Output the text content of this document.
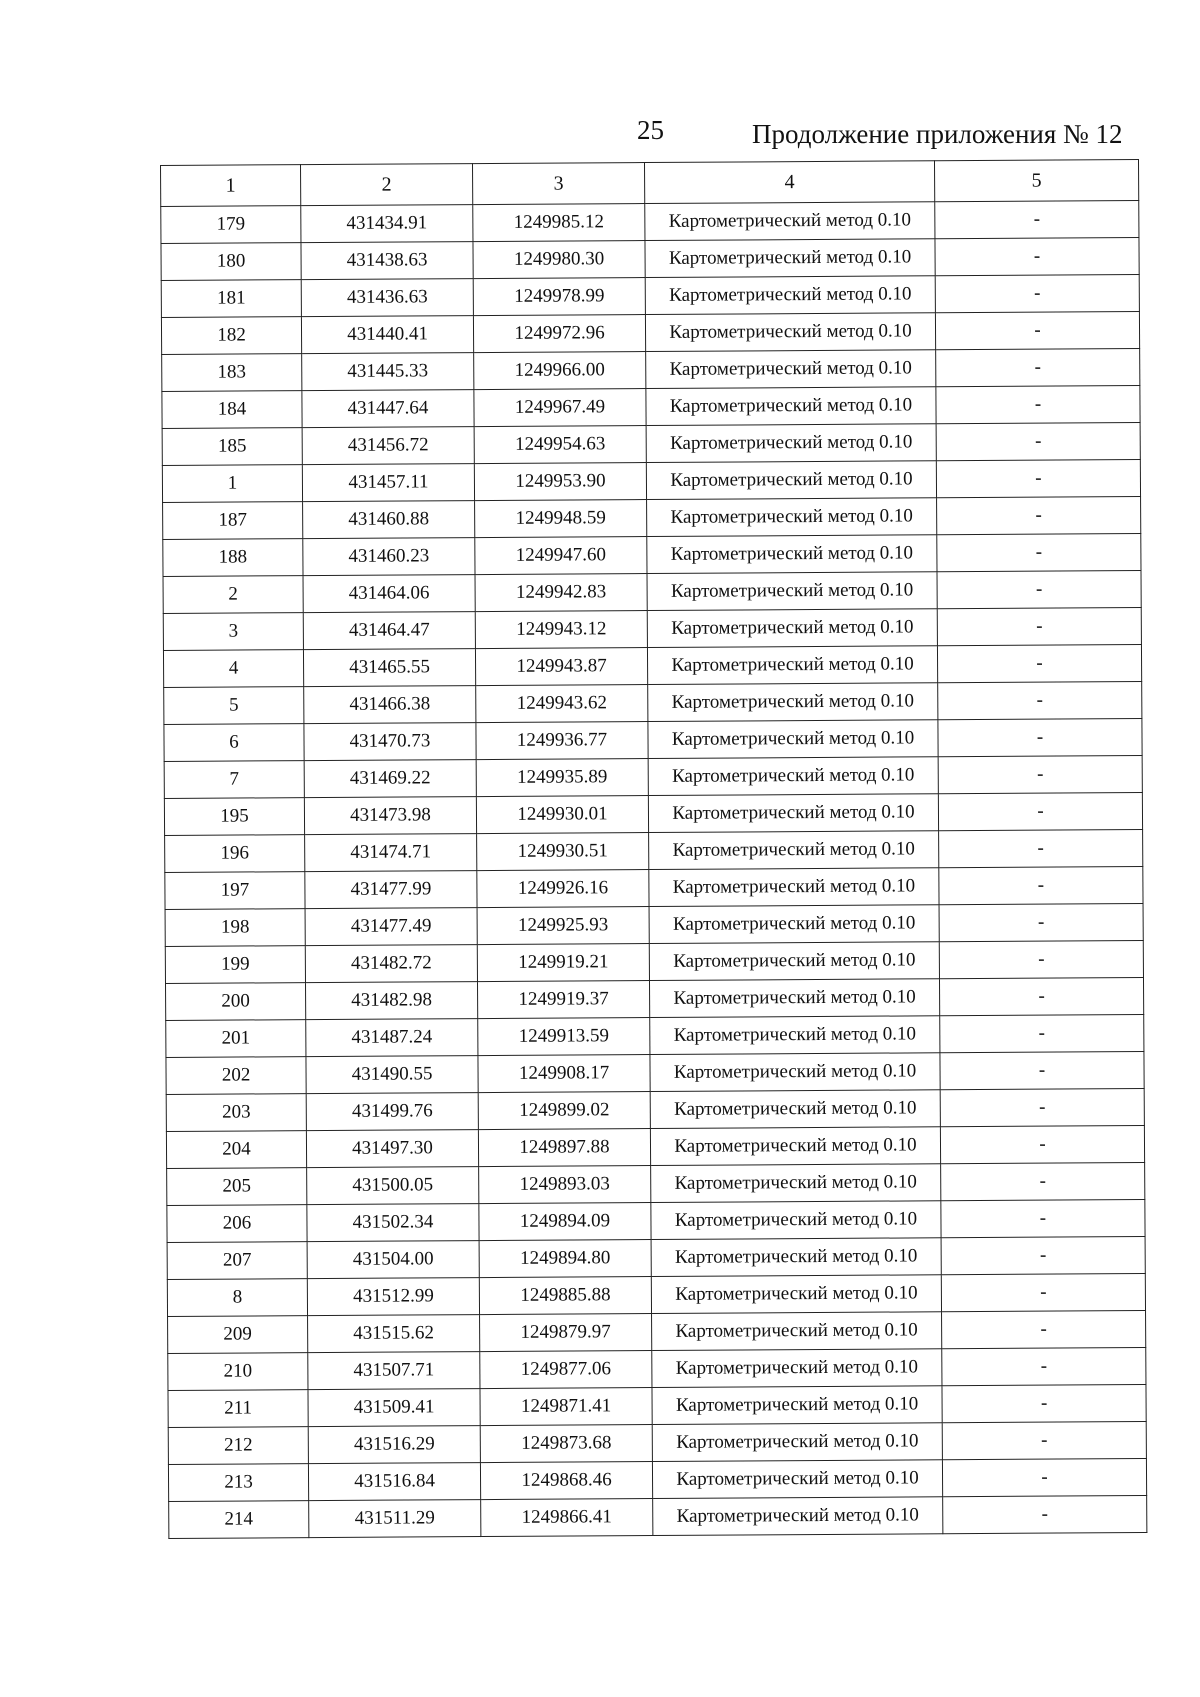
25	Продолжение приложения № 12
1	2	3	4	5
179	431434.91	1249985.12	Картометрический метод 0.10	-
180	431438.63	1249980.30	Картометрический метод 0.10	-
181	431436.63	1249978.99	Картометрический метод 0.10	-
182	431440.41	1249972.96	Картометрический метод 0.10	-
183	431445.33	1249966.00	Картометрический метод 0.10	-
184	431447.64	1249967.49	Картометрический метод 0.10	-
185	431456.72	1249954.63	Картометрический метод 0.10	-
1	431457.11	1249953.90	Картометрический метод 0.10	-
187	431460.88	1249948.59	Картометрический метод 0.10	-
188	431460.23	1249947.60	Картометрический метод 0.10	-
2	431464.06	1249942.83	Картометрический метод 0.10	-
3	431464.47	1249943.12	Картометрический метод 0.10	-
4	431465.55	1249943.87	Картометрический метод 0.10	-
5	431466.38	1249943.62	Картометрический метод 0.10	-
6	431470.73	1249936.77	Картометрический метод 0.10	-
7	431469.22	1249935.89	Картометрический метод 0.10	-
195	431473.98	1249930.01	Картометрический метод 0.10	-
196	431474.71	1249930.51	Картометрический метод 0.10	-
197	431477.99	1249926.16	Картометрический метод 0.10	-
198	431477.49	1249925.93	Картометрический метод 0.10	-
199	431482.72	1249919.21	Картометрический метод 0.10	-
200	431482.98	1249919.37	Картометрический метод 0.10	-
201	431487.24	1249913.59	Картометрический метод 0.10	-
202	431490.55	1249908.17	Картометрический метод 0.10	-
203	431499.76	1249899.02	Картометрический метод 0.10	-
204	431497.30	1249897.88	Картометрический метод 0.10	-
205	431500.05	1249893.03	Картометрический метод 0.10	-
206	431502.34	1249894.09	Картометрический метод 0.10	-
207	431504.00	1249894.80	Картометрический метод 0.10	-
8	431512.99	1249885.88	Картометрический метод 0.10	-
209	431515.62	1249879.97	Картометрический метод 0.10	-
210	431507.71	1249877.06	Картометрический метод 0.10	-
211	431509.41	1249871.41	Картометрический метод 0.10	-
212	431516.29	1249873.68	Картометрический метод 0.10	-
213	431516.84	1249868.46	Картометрический метод 0.10	-
214	431511.29	1249866.41	Картометрический метод 0.10	-
